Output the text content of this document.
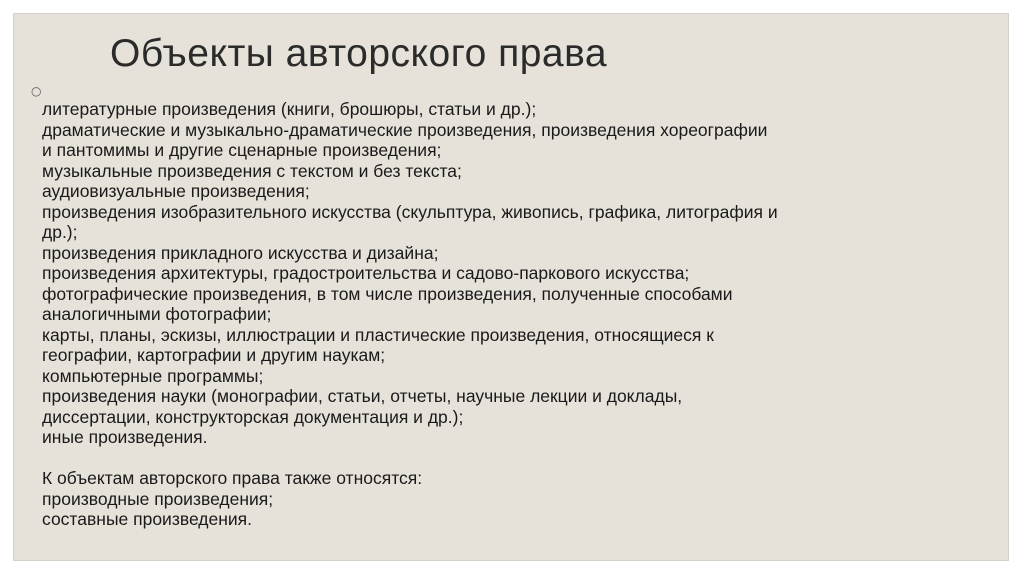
Объекты авторского права
○
литературные произведения (книги, брошюры, статьи и др.);
драматические и музыкально-драматические произведения, произведения хореографии
и пантомимы и другие сценарные произведения;
музыкальные произведения с текстом и без текста;
аудиовизуальные произведения;
произведения изобразительного искусства (скульптура, живопись, графика, литография и
др.);
произведения прикладного искусства и дизайна;
произведения архитектуры, градостроительства и садово-паркового искусства;
фотографические произведения, в том числе произведения, полученные способами
аналогичными фотографии;
карты, планы, эскизы, иллюстрации и пластические произведения, относящиеся к
географии, картографии и другим наукам;
компьютерные программы;
произведения науки (монографии, статьи, отчеты, научные лекции и доклады,
диссертации, конструкторская документация и др.);
иные произведения.
К объектам авторского права также относятся:
производные произведения;
составные произведения.
